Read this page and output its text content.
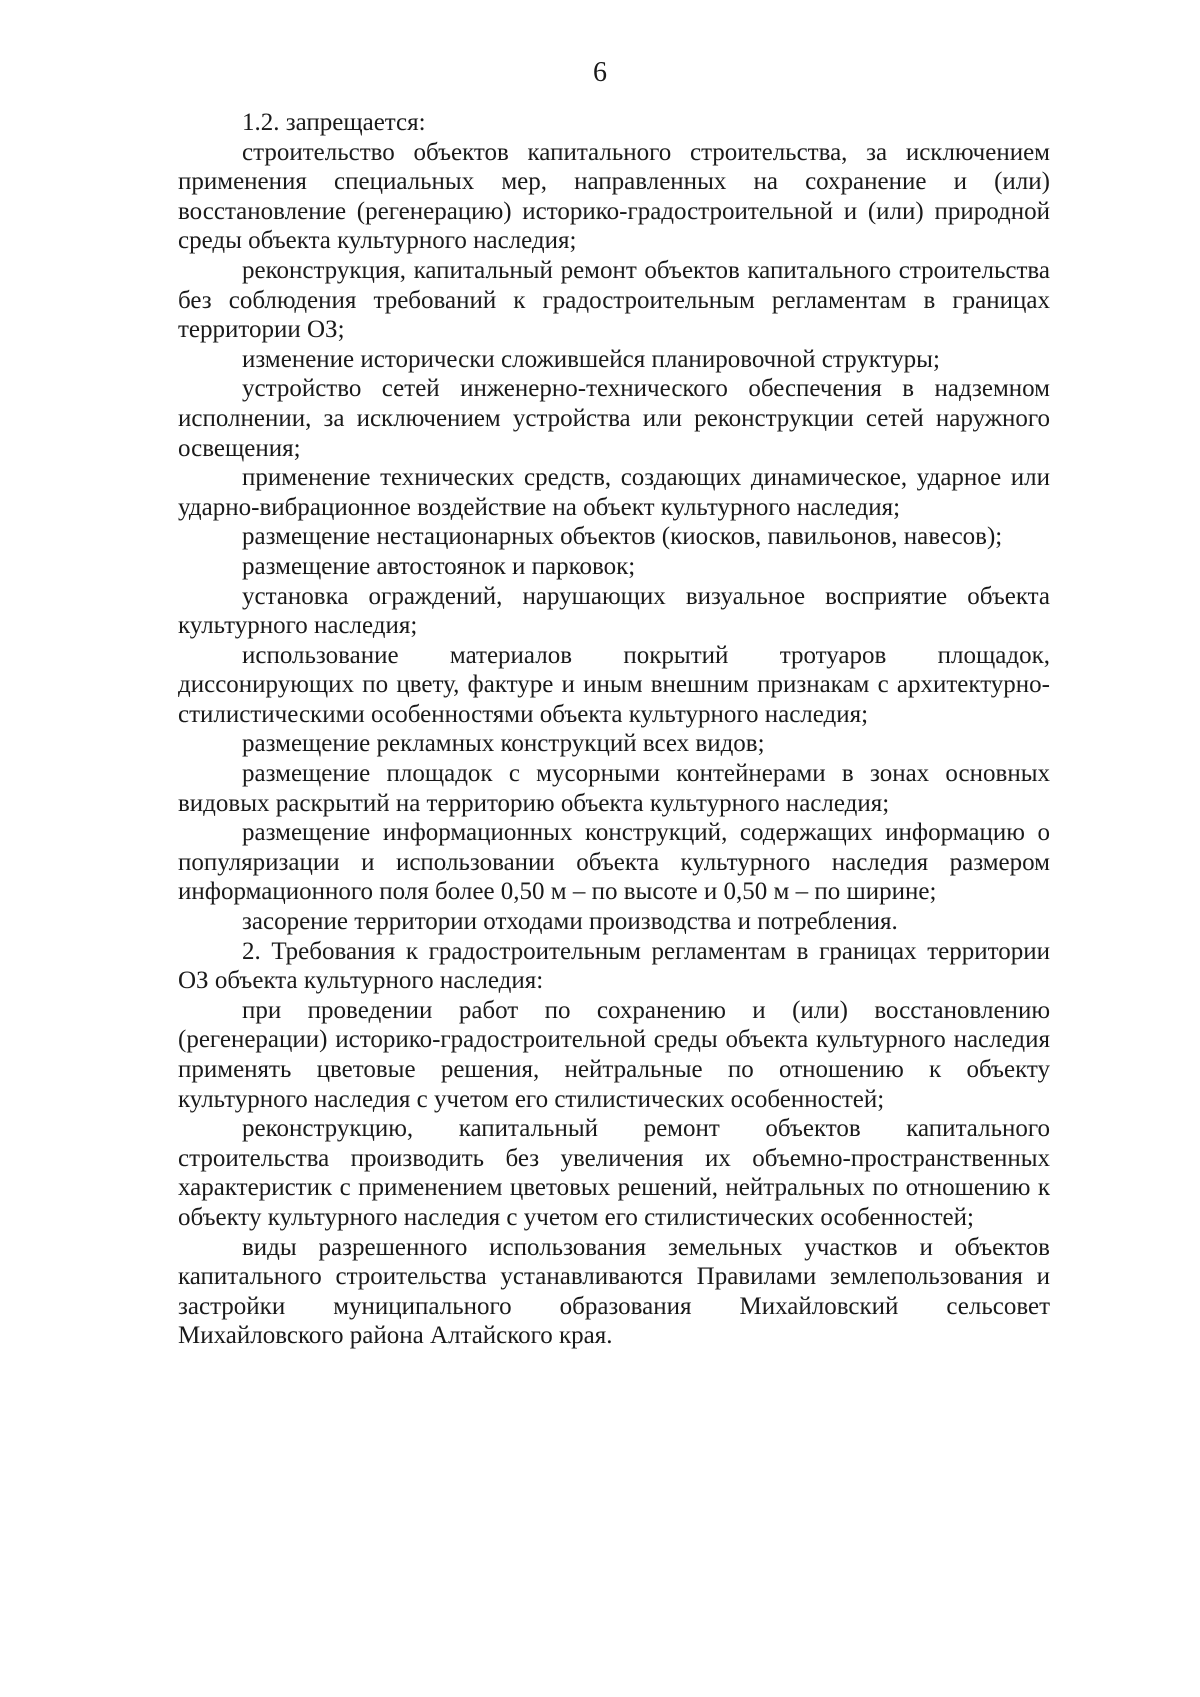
6

1.2. запрещается:

строительство объектов капитального строительства, за исключением применения специальных мер, направленных на сохранение и (или) восстановление (регенерацию) историко-градостроительной и (или) природной среды объекта культурного наследия;

реконструкция, капитальный ремонт объектов капитального строительства без соблюдения требований к градостроительным регламентам в границах территории ОЗ;

изменение исторически сложившейся планировочной структуры;

устройство сетей инженерно-технического обеспечения в надземном исполнении, за исключением устройства или реконструкции сетей наружного освещения;

применение технических средств, создающих динамическое, ударное или ударно-вибрационное воздействие на объект культурного наследия;

размещение нестационарных объектов (киосков, павильонов, навесов);

размещение автостоянок и парковок;

установка ограждений, нарушающих визуальное восприятие объекта культурного наследия;

использование материалов покрытий тротуаров площадок, диссонирующих по цвету, фактуре и иным внешним признакам с архитектурно-стилистическими особенностями объекта культурного наследия;

размещение рекламных конструкций всех видов;

размещение площадок с мусорными контейнерами в зонах основных видовых раскрытий на территорию объекта культурного наследия;

размещение информационных конструкций, содержащих информацию о популяризации и использовании объекта культурного наследия размером информационного поля более 0,50 м – по высоте и 0,50 м – по ширине;

засорение территории отходами производства и потребления.

2. Требования к градостроительным регламентам в границах территории ОЗ объекта культурного наследия:

при проведении работ по сохранению и (или) восстановлению (регенерации) историко-градостроительной среды объекта культурного наследия применять цветовые решения, нейтральные по отношению к объекту культурного наследия с учетом его стилистических особенностей;

реконструкцию, капитальный ремонт объектов капитального строительства производить без увеличения их объемно-пространственных характеристик с применением цветовых решений, нейтральных по отношению к объекту культурного наследия с учетом его стилистических особенностей;

виды разрешенного использования земельных участков и объектов капитального строительства устанавливаются Правилами землепользования и застройки муниципального образования Михайловский сельсовет Михайловского района Алтайского края.
